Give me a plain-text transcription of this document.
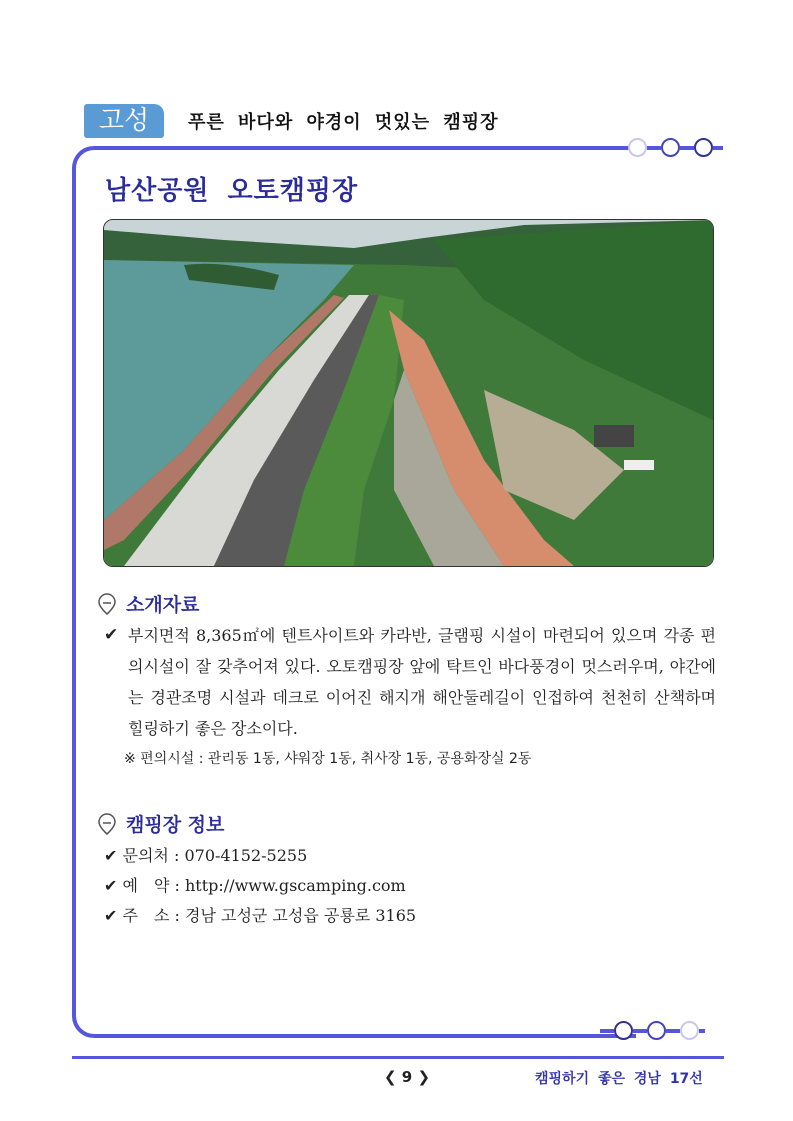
고성	푸른 바다와 야경이 멋있는 캠핑장
남산공원 오토캠핑장
소개자료
✔ 부지면적 8,365㎡에 텐트사이트와 카라반, 글램핑 시설이 마련되어 있으며 각종 편의시설이 잘 갖추어져 있다. 오토캠핑장 앞에 탁트인 바다풍경이 멋스러우며, 야간에는 경관조명 시설과 데크로 이어진 해지개 해안둘레길이 인접하여 천천히 산책하며 힐링하기 좋은 장소이다.
※ 편의시설 : 관리동 1동, 샤워장 1동, 취사장 1동, 공용화장실 2동
캠핑장 정보
✔ 문의처 : 070-4152-5255
✔ 예　약 : http://www.gscamping.com
✔ 주　소 : 경남 고성군 고성읍 공룡로 3165
❮ 9 ❯	캠핑하기 좋은 경남 17선
